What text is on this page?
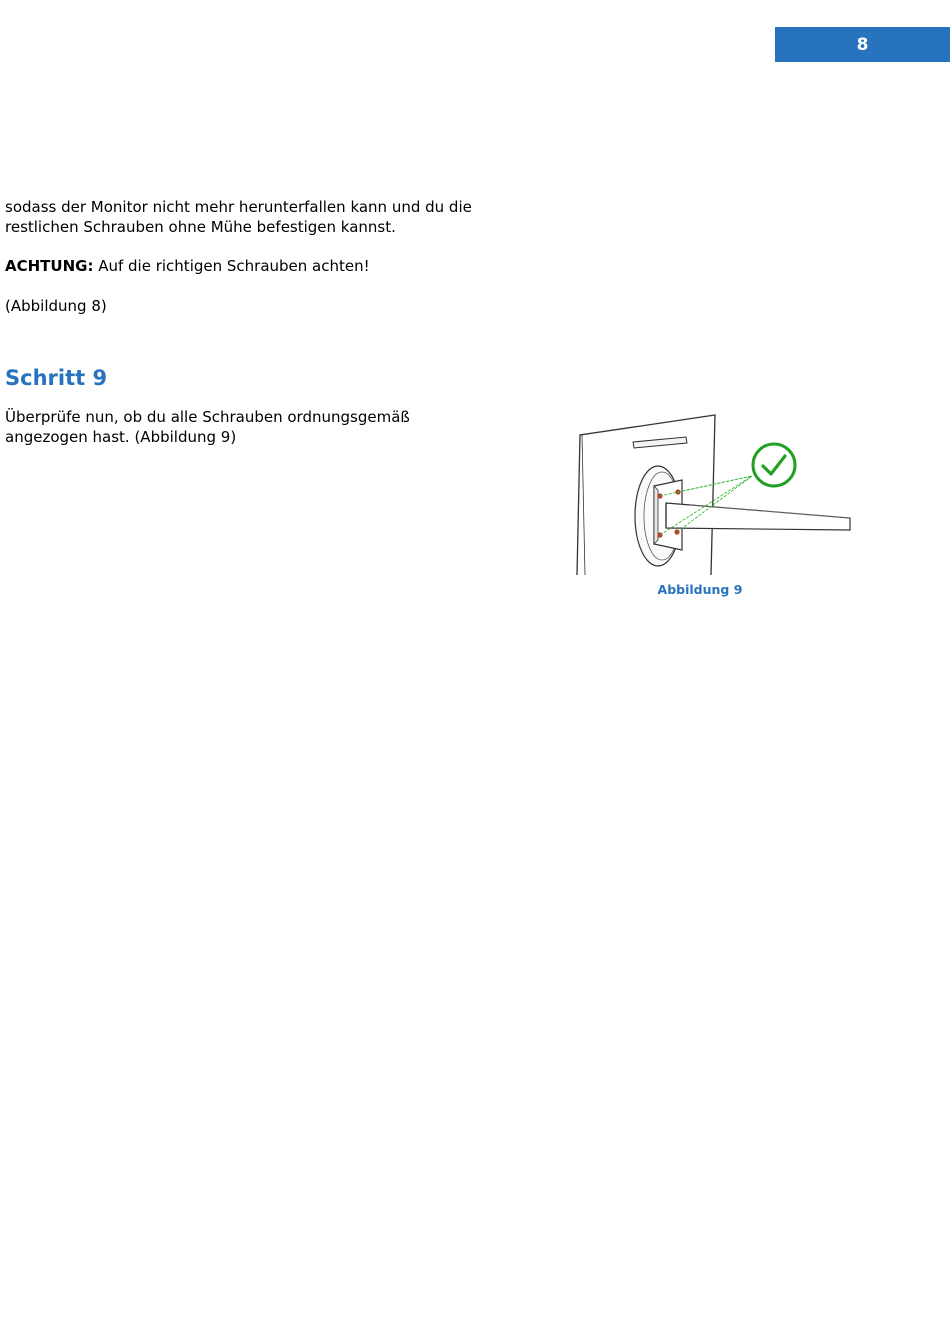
8

sodass der Monitor nicht mehr herunterfallen kann und du die restlichen Schrauben ohne Mühe befestigen kannst.

ACHTUNG: Auf die richtigen Schrauben achten!

(Abbildung 8)

Schritt 9

Überprüfe nun, ob du alle Schrauben ordnungsgemäß angezogen hast. (Abbildung 9)

Abbildung 9
